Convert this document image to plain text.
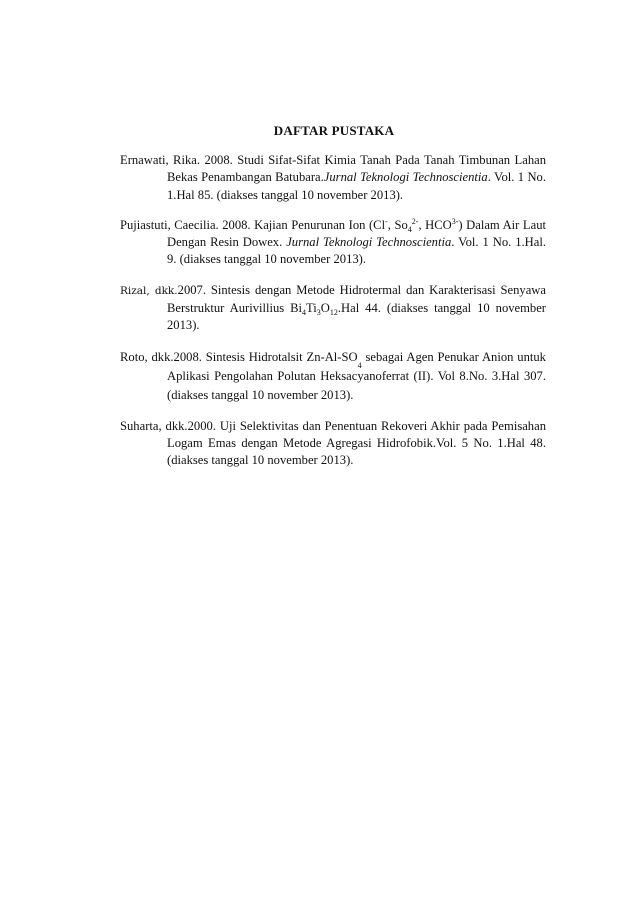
DAFTAR PUSTAKA

Ernawati, Rika. 2008. Studi Sifat-Sifat Kimia Tanah Pada Tanah Timbunan Lahan Bekas Penambangan Batubara.Jurnal Teknologi Technoscientia. Vol. 1 No. 1.Hal 85. (diakses tanggal 10 november 2013).

Pujiastuti, Caecilia. 2008. Kajian Penurunan Ion (Cl-, $So_4^{2-}$, $HCO^{3-}$) Dalam Air Laut Dengan Resin Dowex. Jurnal Teknologi Technoscientia. Vol. 1 No. 1.Hal. 9. (diakses tanggal 10 november 2013).

Rizal, dkk.2007. Sintesis dengan Metode Hidrotermal dan Karakterisasi Senyawa Berstruktur Aurivillius $Bi_4Ti_3O_{12}.Hal$ 44. (diakses tanggal 10 november 2013).

Roto, dkk.2008. Sintesis Hidrotalsit $Zn-Al-SO_4$ sebagai Agen Penukar Anion untuk Aplikasi Pengolahan Polutan Heksacyanoferrat (II). Vol 8.No. 3.Hal 307. (diakses tanggal 10 november 2013).

Suharta, dkk.2000. Uji Selektivitas dan Penentuan Rekoveri Akhir pada Pemisahan Logam Emas dengan Metode Agregasi Hidrofobik.Vol. 5 No. 1.Hal 48. (diakses tanggal 10 november 2013).
